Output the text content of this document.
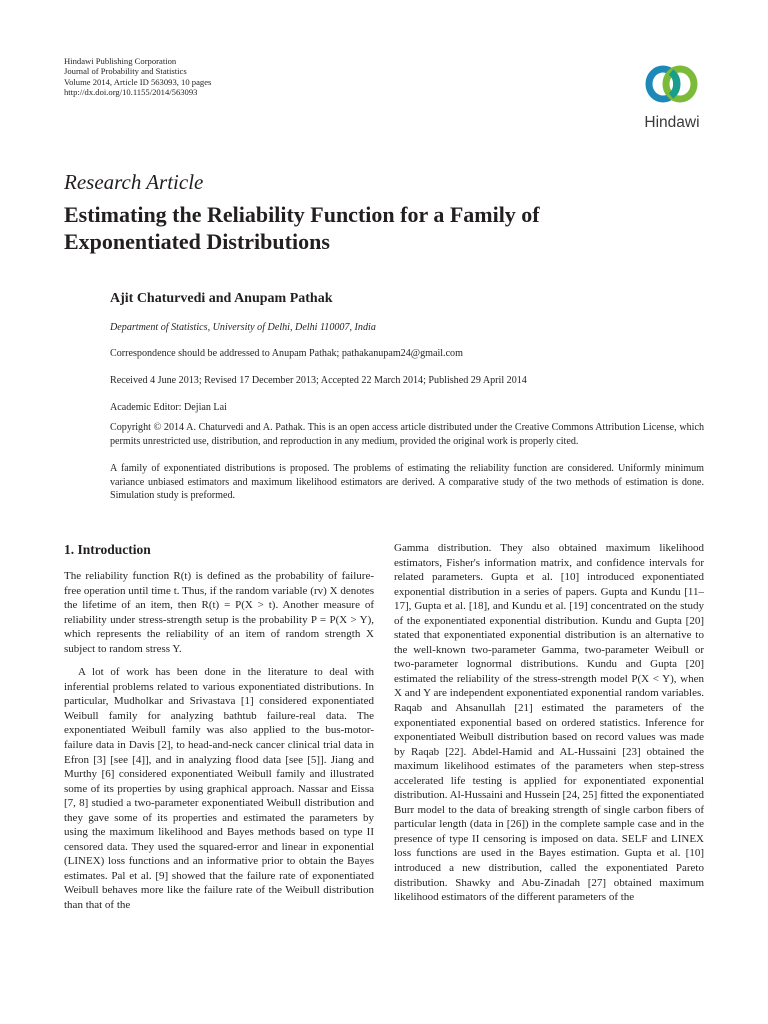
Hindawi Publishing Corporation
Journal of Probability and Statistics
Volume 2014, Article ID 563093, 10 pages
http://dx.doi.org/10.1155/2014/563093
Hindawi
Research Article
Estimating the Reliability Function for a Family of Exponentiated Distributions
Ajit Chaturvedi and Anupam Pathak
Department of Statistics, University of Delhi, Delhi 110007, India
Correspondence should be addressed to Anupam Pathak; pathakanupam24@gmail.com
Received 4 June 2013; Revised 17 December 2013; Accepted 22 March 2014; Published 29 April 2014
Academic Editor: Dejian Lai
Copyright © 2014 A. Chaturvedi and A. Pathak. This is an open access article distributed under the Creative Commons Attribution License, which permits unrestricted use, distribution, and reproduction in any medium, provided the original work is properly cited.
A family of exponentiated distributions is proposed. The problems of estimating the reliability function are considered. Uniformly minimum variance unbiased estimators and maximum likelihood estimators are derived. A comparative study of the two methods of estimation is done. Simulation study is preformed.
1. Introduction

The reliability function R(t) is defined as the probability of failure-free operation until time t. Thus, if the random variable (rv) X denotes the lifetime of an item, then R(t) = P(X > t). Another measure of reliability under stress-strength setup is the probability P = P(X > Y), which represents the reliability of an item of random strength X subject to random stress Y.

A lot of work has been done in the literature to deal with inferential problems related to various exponentiated distributions. In particular, Mudholkar and Srivastava [1] considered exponentiated Weibull family for analyzing bathtub failure-real data. The exponentiated Weibull family was also applied to the bus-motor-failure data in Davis [2], to head-and-neck cancer clinical trial data in Efron [3] [see [4]], and in analyzing flood data [see [5]]. Jiang and Murthy [6] considered exponentiated Weibull family and illustrated some of its properties by using graphical approach. Nassar and Eissa [7, 8] studied a two-parameter exponentiated Weibull distribution and they gave some of its properties and estimated the parameters by using the maximum likelihood and Bayes methods based on type II censored data. They used the squared-error and linear in exponential (LINEX) loss functions and an informative prior to obtain the Bayes estimates. Pal et al. [9] showed that the failure rate of exponentiated Weibull behaves more like the failure rate of the Weibull distribution than that of the

Gamma distribution. They also obtained maximum likelihood estimators, Fisher's information matrix, and confidence intervals for related parameters. Gupta et al. [10] introduced exponentiated exponential distribution in a series of papers. Gupta and Kundu [11–17], Gupta et al. [18], and Kundu et al. [19] concentrated on the study of the exponentiated exponential distribution. Kundu and Gupta [20] stated that exponentiated exponential distribution is an alternative to the well-known two-parameter Gamma, two-parameter Weibull or two-parameter lognormal distributions. Kundu and Gupta [20] estimated the reliability of the stress-strength model P(X < Y), when X and Y are independent exponentiated exponential random variables. Raqab and Ahsanullah [21] estimated the parameters of the exponentiated exponential based on ordered statistics. Inference for exponentiated Weibull distribution based on record values was made by Raqab [22]. Abdel-Hamid and AL-Hussaini [23] obtained the maximum likelihood estimates of the parameters when step-stress accelerated life testing is applied for exponentiated exponential distribution. Al-Hussaini and Hussein [24, 25] fitted the exponentiated Burr model to the data of breaking strength of single carbon fibers of particular length (data in [26]) in the complete sample case and in the presence of type II censoring is imposed on data. SELF and LINEX loss functions are used in the Bayes estimation. Gupta et al. [10] introduced a new distribution, called the exponentiated Pareto distribution. Shawky and Abu-Zinadah [27] obtained maximum likelihood estimators of the different parameters of the
